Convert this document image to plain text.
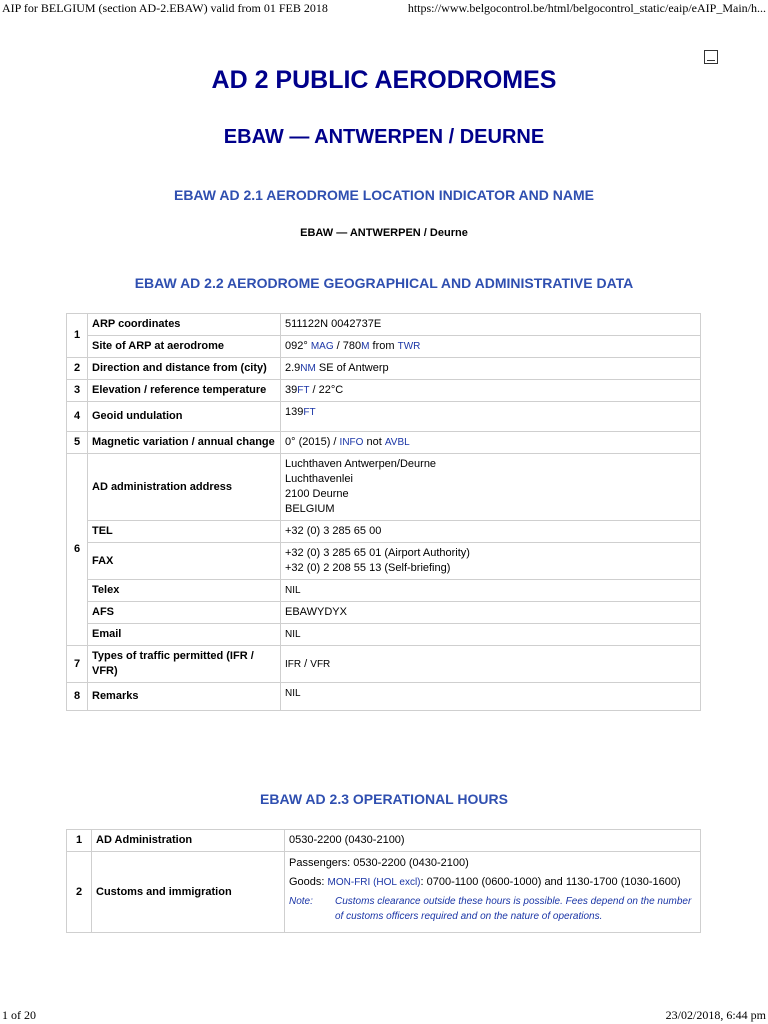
AIP for BELGIUM (section AD-2.EBAW) valid from 01 FEB 2018	https://www.belgocontrol.be/html/belgocontrol_static/eaip/eAIP_Main/h...
AD 2 PUBLIC AERODROMES
EBAW — ANTWERPEN / DEURNE
EBAW AD 2.1 AERODROME LOCATION INDICATOR AND NAME
EBAW — ANTWERPEN / Deurne
EBAW AD 2.2 AERODROME GEOGRAPHICAL AND ADMINISTRATIVE DATA
1	ARP coordinates	511122N 0042737E
	Site of ARP at aerodrome	092° MAG / 780M from TWR
2	Direction and distance from (city)	2.9NM SE of Antwerp
3	Elevation / reference temperature	39FT / 22°C
4	Geoid undulation	139FT
5	Magnetic variation / annual change	0° (2015) / INFO not AVBL
6	AD administration address	Luchthaven Antwerpen/Deurne
Luchthavenlei
2100 Deurne
BELGIUM

	TEL	+32 (0) 3 285 65 00
	FAX	+32 (0) 3 285 65 01 (Airport Authority)
+32 (0) 2 208 55 13 (Self-briefing)

	Telex	NIL
	AFS	EBAWYDYX
	Email	NIL
7	Types of traffic permitted (IFR / VFR)	IFR / VFR
8	Remarks	NIL
EBAW AD 2.3 OPERATIONAL HOURS
1	AD Administration	0530-2200 (0430-2100)
2	Customs and immigration	Passengers: 0530-2200 (0430-2100)
Goods: MON-FRI (HOL excl): 0700-1100 (0600-1000) and 1130-1700 (1030-1600)
Note: Customs clearance outside these hours is possible. Fees depend on the number of customs officers required and on the nature of operations.
1 of 20	23/02/2018, 6:44 pm
